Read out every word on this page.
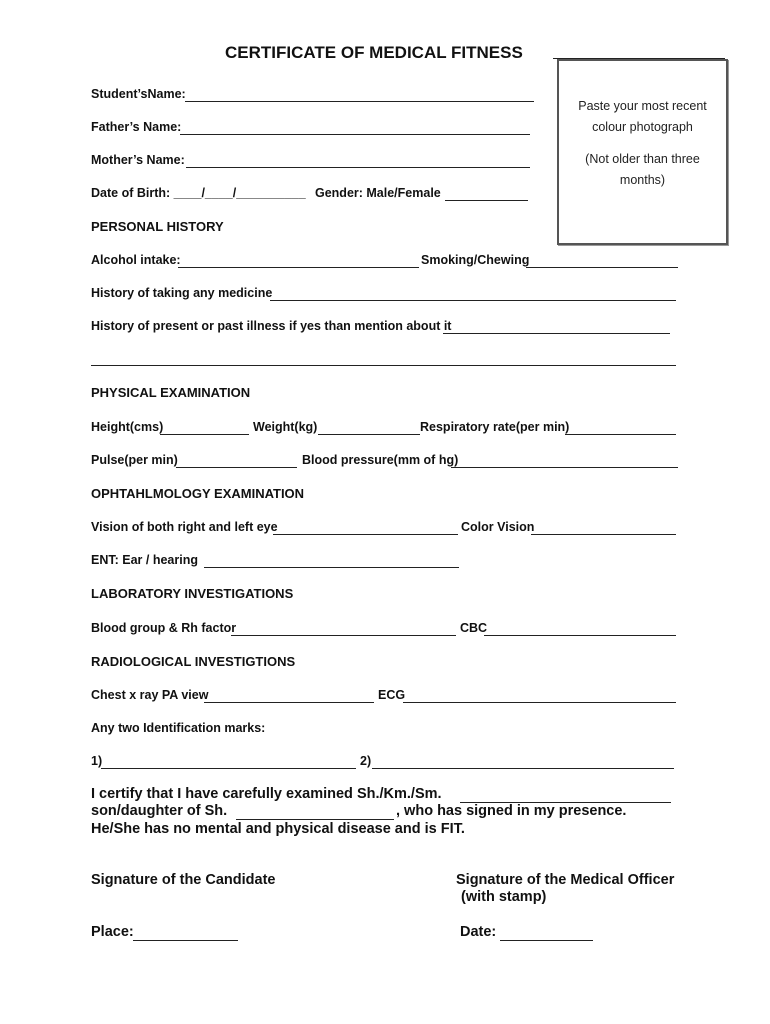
CERTIFICATE OF MEDICAL FITNESS
Paste your most recent
colour photograph
(Not older than three
months)
Student’sName:
Father’s Name:
Mother’s Name:
Date of Birth: ____/____/__________ Gender: Male/Female
PERSONAL HISTORY
Alcohol intake:	Smoking/Chewing
History of taking any medicine
History of present or past illness if yes than mention about it
PHYSICAL EXAMINATION
Height(cms)	Weight(kg)	Respiratory rate(per min)
Pulse(per min)	Blood pressure(mm of hg)
OPHTAHLMOLOGY EXAMINATION
Vision of both right and left eye	Color Vision
ENT: Ear / hearing
LABORATORY INVESTIGATIONS
Blood group & Rh factor	CBC
RADIOLOGICAL INVESTIGTIONS
Chest x ray PA view	ECG
Any two Identification marks:
1)	2)
I certify that I have carefully examined Sh./Km./Sm.
son/daughter of Sh.	, who has signed in my presence.
He/She has no mental and physical disease and is FIT.
Signature of the Candidate	Signature of the Medical Officer
(with stamp)
Place:	Date:
